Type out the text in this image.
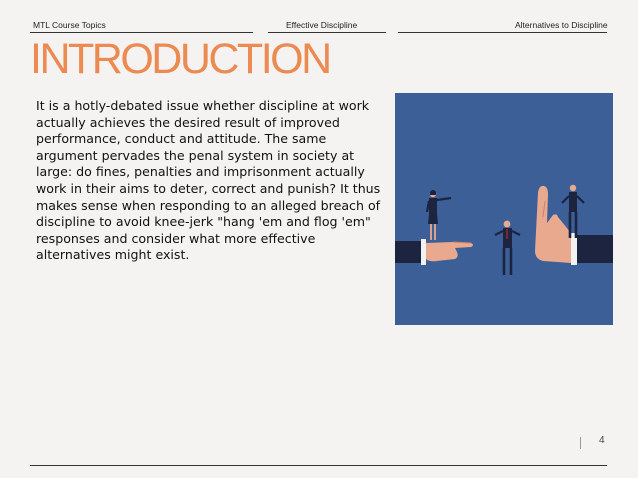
MTL Course Topics	Effective Discipline	Alternatives to Discipline
INTRODUCTION
It is a hotly-debated issue whether discipline at work actually achieves the desired result of improved performance, conduct and attitude. The same argument pervades the penal system in society at large: do fines, penalties and imprisonment actually work in their aims to deter, correct and punish? It thus makes sense when responding to an alleged breach of discipline to avoid knee-jerk "hang 'em and flog 'em" responses and consider what more effective alternatives might exist.
4
